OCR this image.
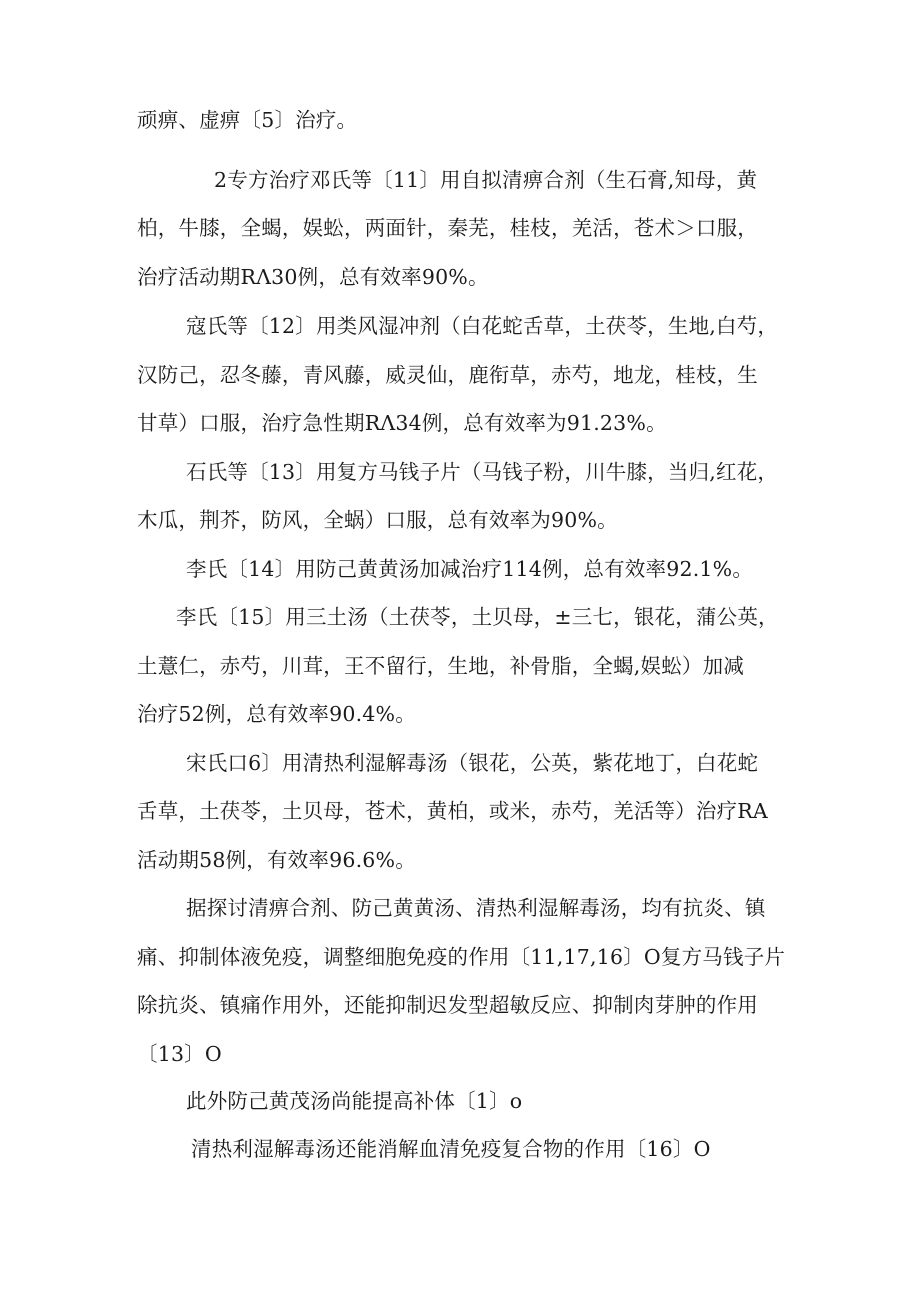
顽痹、虚痹〔5〕治疗。
2专方治疗邓氏等〔11〕用自拟清痹合剂（生石膏,知母，黄
柏，牛膝，全蝎，娱蚣，两面针，秦芜，桂枝，羌活，苍术＞口服，
治疗活动期RΛ30例，总有效率90%。
寇氏等〔12〕用类风湿冲剂（白花蛇舌草，土茯苓，生地,白芍，
汉防己，忍冬藤，青风藤，威灵仙，鹿衔草，赤芍，地龙，桂枝，生
甘草）口服，治疗急性期RΛ34例，总有效率为91.23%。
石氏等〔13〕用复方马钱子片（马钱子粉，川牛膝，当归,红花，
木瓜，荆芥，防风，全蜗）口服，总有效率为90%。
李氏〔14〕用防己黄黄汤加减治疗114例，总有效率92.1%。
李氏〔15〕用三土汤（土茯苓，土贝母，±三七，银花，蒲公英，
土薏仁，赤芍，川茸，王不留行，生地，补骨脂，全蝎,娱蚣）加减
治疗52例，总有效率90.4%。
宋氏口6〕用清热利湿解毒汤（银花，公英，紫花地丁，白花蛇
舌草，土茯苓，土贝母，苍术，黄柏，或米，赤芍，羌活等）治疗RA
活动期58例，有效率96.6%。
据探讨清痹合剂、防己黄黄汤、清热利湿解毒汤，均有抗炎、镇
痛、抑制体液免疫，调整细胞免疫的作用〔11,17,16〕O复方马钱子片
除抗炎、镇痛作用外，还能抑制迟发型超敏反应、抑制肉芽肿的作用
〔13〕O
此外防己黄茂汤尚能提高补体〔1〕o
清热利湿解毒汤还能消解血清免疫复合物的作用〔16〕O
